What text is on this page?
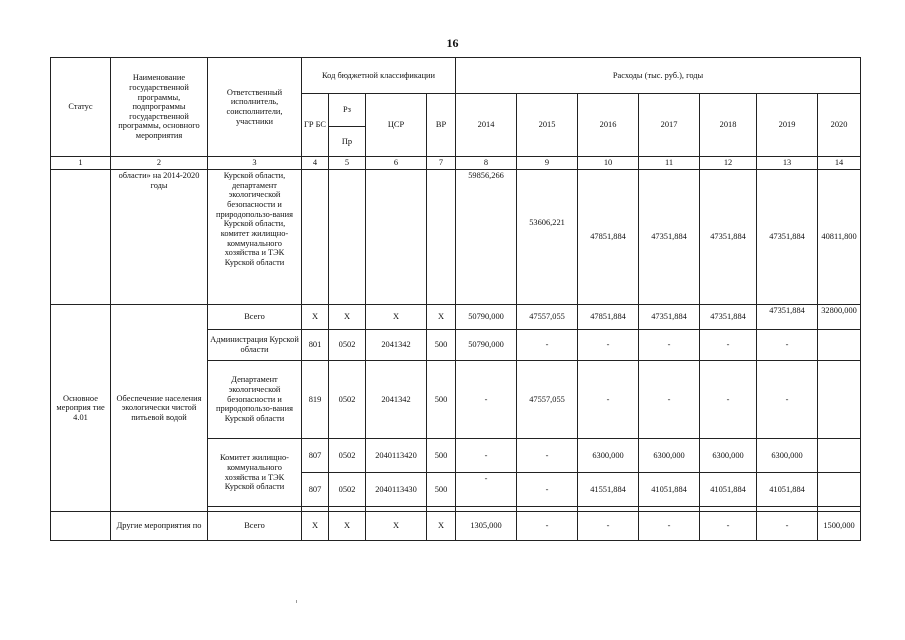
16
Статус	Наименование государственной программы, подпрограммы государственной программы, основного мероприятия	Ответственный исполнитель, соисполнители, участники	Код бюджетной классификации				Расходы (тыс. руб.), годы						
			ГР БС	Рз	ЦСР	ВР	2014	2015	2016	2017	2018	2019	2020
				Пр									
1	2	3	4	5	6	7	8	9	10	11	12	13	14
	области» на 2014-2020 годы	Курской области, департамент экологической безопасности и природопользо-вания Курской области, комитет жилищно-коммунального хозяйства и ТЭК Курской области					59856,266	53606,221	47851,884	47351,884	47351,884	47351,884	40811,800
Основное мероприя тие 4.01	Обеспечение населения экологически чистой питьевой водой	Всего	Х	Х	Х	Х	50790,000	47557,055	47851,884	47351,884	47351,884	47351,884	32800,000
		Администрация Курской области	801	0502	2041342	500	50790,000	-	-	-	-	-	
		Департамент экологической безопасности и природопользо-вания Курской области	819	0502	2041342	500	-	47557,055	-	-	-	-	
		Комитет жилищно-коммунального хозяйства и ТЭК Курской области	807	0502	2040113420	500	-	-	6300,000	6300,000	6300,000	6300,000	
			807	0502	2040113430	500	-	-	41551,884	41051,884	41051,884	41051,884	

	Другие мероприятия по	Всего	Х	Х	Х	Х	1305,000	-	-	-	-	-	1500,000
